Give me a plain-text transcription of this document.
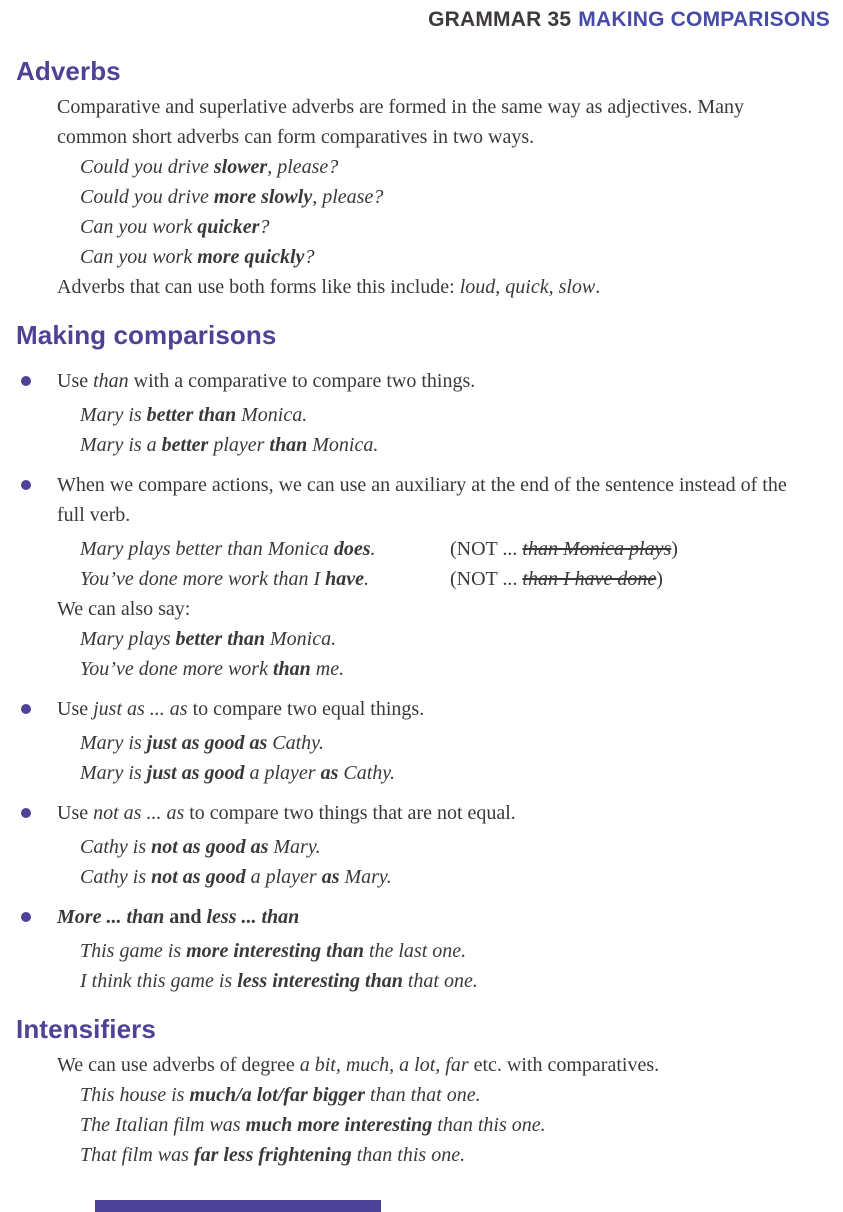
GRAMMAR 35 MAKING COMPARISONS
Adverbs
Comparative and superlative adverbs are formed in the same way as adjectives. Many common short adverbs can form comparatives in two ways.
Could you drive slower, please?
Could you drive more slowly, please?
Can you work quicker?
Can you work more quickly?
Adverbs that can use both forms like this include: loud, quick, slow.
Making comparisons
Use than with a comparative to compare two things.
Mary is better than Monica.
Mary is a better player than Monica.
When we compare actions, we can use an auxiliary at the end of the sentence instead of the full verb.
Mary plays better than Monica does.	(NOT ... than Monica plays)
You’ve done more work than I have.	(NOT ... than I have done)
We can also say:
Mary plays better than Monica.
You’ve done more work than me.
Use just as ... as to compare two equal things.
Mary is just as good as Cathy.
Mary is just as good a player as Cathy.
Use not as ... as to compare two things that are not equal.
Cathy is not as good as Mary.
Cathy is not as good a player as Mary.
More ... than and less ... than
This game is more interesting than the last one.
I think this game is less interesting than that one.
Intensifiers
We can use adverbs of degree a bit, much, a lot, far etc. with comparatives.
This house is much/a lot/far bigger than that one.
The Italian film was much more interesting than this one.
That film was far less frightening than this one.
